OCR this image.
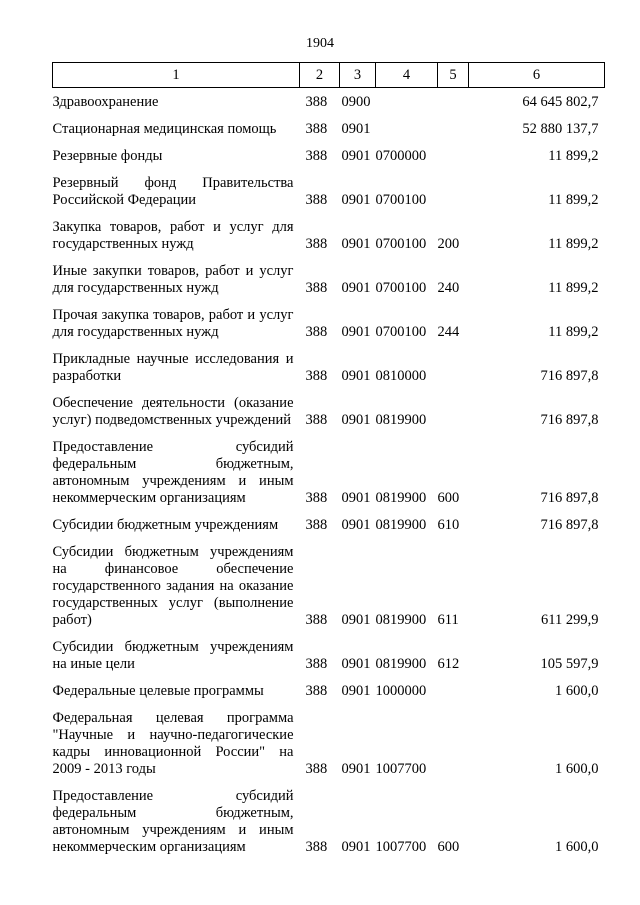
1904
1	2	3	4	5	6
Здравоохранение	388	0900			64 645 802,7
Стационарная медицинская помощь	388	0901			52 880 137,7
Резервные фонды	388	0901	0700000		11 899,2
Резервный фонд Правительства Российской Федерации	388	0901	0700100		11 899,2
Закупка товаров, работ и услуг для государственных нужд	388	0901	0700100	200	11 899,2
Иные закупки товаров, работ и услуг для государственных нужд	388	0901	0700100	240	11 899,2
Прочая закупка товаров, работ и услуг для государственных нужд	388	0901	0700100	244	11 899,2
Прикладные научные исследования и разработки	388	0901	0810000		716 897,8
Обеспечение деятельности (оказание услуг) подведомственных учреждений	388	0901	0819900		716 897,8
Предоставление субсидий федеральным бюджетным, автономным учреждениям и иным некоммерческим организациям	388	0901	0819900	600	716 897,8
Субсидии бюджетным учреждениям	388	0901	0819900	610	716 897,8
Субсидии бюджетным учреждениям на финансовое обеспечение государственного задания на оказание государственных услуг (выполнение работ)	388	0901	0819900	611	611 299,9
Субсидии бюджетным учреждениям на иные цели	388	0901	0819900	612	105 597,9
Федеральные целевые программы	388	0901	1000000		1 600,0
Федеральная целевая программа "Научные и научно-педагогические кадры инновационной России" на 2009 - 2013 годы	388	0901	1007700		1 600,0
Предоставление субсидий федеральным бюджетным, автономным учреждениям и иным некоммерческим организациям	388	0901	1007700	600	1 600,0
